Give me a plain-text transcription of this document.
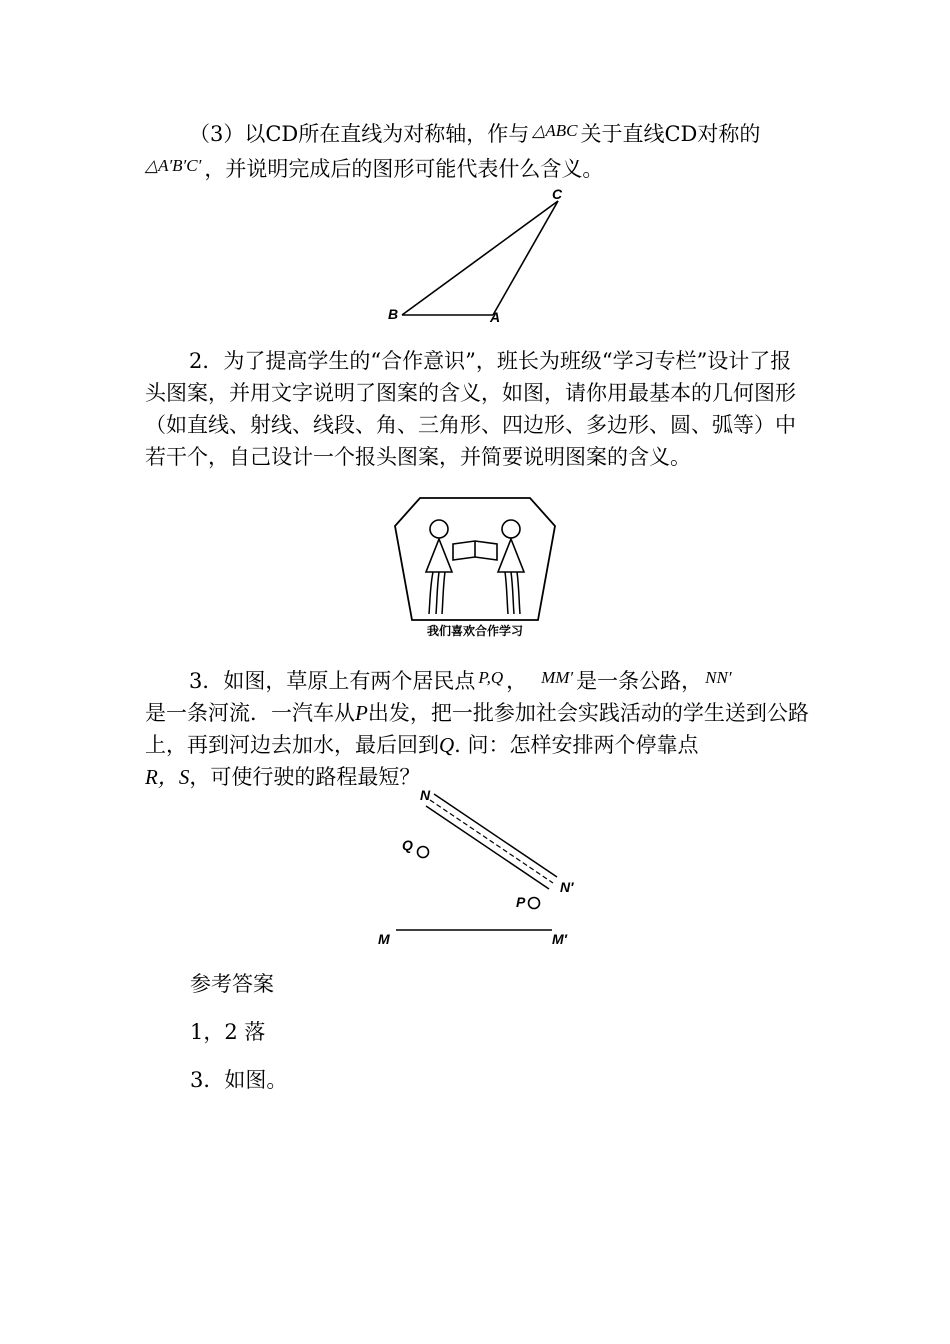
（3）以CD所在直线为对称轴，作与 $^{\triangle ABC}$ 关于直线CD对称的
$^{\triangle A'B'C'}$ ，并说明完成后的图形可能代表什么含义。

C
B	A

2．为了提高学生的“合作意识”，班长为班级“学习专栏”设计了报头图案，并用文字说明了图案的含义，如图，请你用最基本的几何图形（如直线、射线、线段、角、三角形、四边形、多边形、圆、弧等）中若干个，自己设计一个报头图案，并简要说明图案的含义。

我们喜欢合作学习

3．如图，草原上有两个居民点 $^{P,Q}$ ， $^{MM'}$ 是一条公路， $^{NN'}$
是一条河流．一汽车从P出发，把一批参加社会实践活动的学生送到公路上，再到河边去加水，最后回到Q. 问：怎样安排两个停靠点
R，S，可使行驶的路程最短？

N
N′
Q
P
M	M′

参考答案

1，2 落

3．如图。
